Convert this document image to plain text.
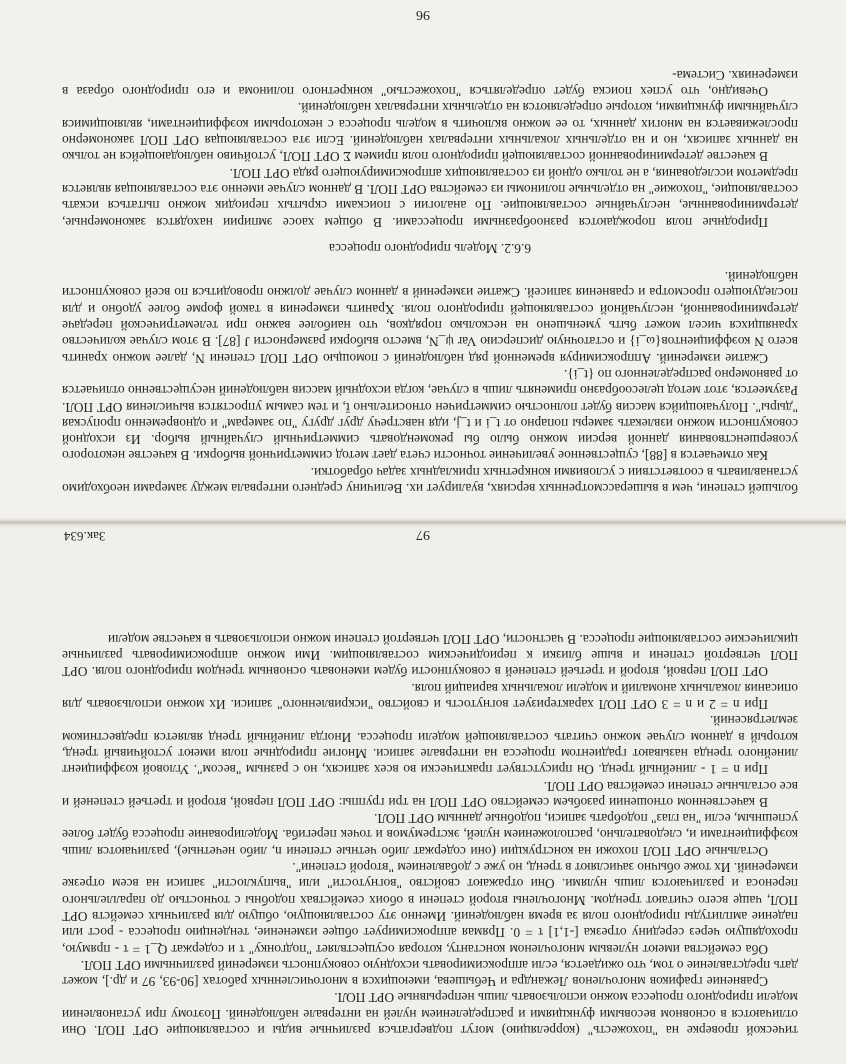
большей степени, чем в вышерассмотренных версиях, вуалирует их. Величину среднего интервала между замерами необходимо устанавливать в соответствии с условиями конкретных прикладных задач обработки.

Как отмечается в [88], существенное увеличение точности счета дает метод симметричной выборки. В качестве некоторого усовершенствования данной версии можно было бы рекомендовать симметричный случайный выбор. Из исходной совокупности можно извлекать замеры попарно от t_i и t_j, идя навстречу друг другу "по замерам" и одновременно пропуская "дыры". Получающийся массив будет полностью симметричен относительно t̄, и тем самым упростятся вычисления ОРТ ПОЛ. Разумеется, этот метод целесообразно применять лишь в случае, когда исходный массив наблюдений несущественно отличается от равномерно распределенного по {t_i}.

Сжатие измерений. Аппроксимируя временной ряд наблюдений с помощью ОРТ ПОЛ степени N, далее можно хранить всего N коэффициентов{ω_i} и остаточную дисперсию Var ψ_N, вместо выборки размерности J [87]. В этом случае количество хранящихся чисел может быть уменьшено на несколько порядков, что наиболее важно при телеметрической передаче детерминированной, неслучайной составляющей природного поля. Хранить измерения в такой форме более удобно и для последующего просмотра и сравнения записей. Сжатие измерений в данном случае должно проводиться по всей совокупности наблюдений.

6.6.2. Модель природного процесса

Природные поля порождаются разнообразными процессами. В общем хаосе эмпирии находятся закономерные, детерминированные, неслучайные составляющие. По аналогии с поисками скрытых периодик можно пытаться искать составляющие, "похожие" на отдельные полиномы из семейства ОРТ ПОЛ. В данном случае именно эта составляющая является предметом исследования, а не только одной из составляющих аппроксимирующего ряда ОРТ ПОЛ.

В качестве детерминированной составляющей природного поля примем Σ ОРТ ПОЛ, устойчиво наблюдающейся не только на данных записях, но и на отдельных локальных интервалах наблюдений. Если эта составляющая ОРТ ПОЛ закономерно прослеживается на многих данных, то ее можно включить в модель процесса с некоторыми коэффициентами, являющимися случайными функциями, которые определяются на отдельных интервалах наблюдений.

Очевидно, что успех поиска будет определяться "похожестью" конкретного полинома и его природного образа в измерениях. Система-

96

тической проверке на "похожесть" (корреляцию) могут подвергаться различные виды и составляющие ОРТ ПОЛ. Они отличаются в основном весовыми функциями и распределением нулей на интервале наблюдений. Поэтому при установлении модели природного процесса можно использовать лишь непрерывные ОРТ ПОЛ.

Сравнение графиков многочленов Лежандра и Чебышева, имеющихся в многочисленных работах [90-93, 97 и др.], может дать представление о том, что ожидается, если аппроксимировать исходную совокупность измерений различными ОРТ ПОЛ.

Оба семейства имеют нулевым многочленом константу, которая осуществляет "подгонку" τ и содержат Q_1 = τ - прямую, проходящую через середину отрезка [-1,1] τ = 0. Прямая аппроксимирует общее изменение, тенденцию процесса - рост или падение амплитуды природного поля за время наблюдений. Именно эту составляющую, общую для различных семейств ОРТ ПОЛ, чаще всего считают трендом. Многочлены второй степени в обоих семействах подобны с точностью до параллельного переноса и различаются лишь нулями. Они отражают свойство "вогнутости" или "выпуклости" записи на всем отрезке измерений. Их тоже обычно зачисляют в тренд, но уже с добавлением "второй степени".

Остальные ОРТ ПОЛ похожи на конструкции (они содержат либо четные степени n, либо нечетные), различаются лишь коэффициентами и, следовательно, расположением нулей, экстремумов и точек перегиба. Моделирование процесса будет более успешным, если "на глаз" подобрать записи, подобные данным ОРТ ПОЛ.

В качественном отношении разобьем семейство ОРТ ПОЛ на три группы: ОРТ ПОЛ первой, второй и третьей степеней и все остальные степени семейства ОРТ ПОЛ.

При n = 1 - линейный тренд. Он присутствует практически во всех записях, но с разным "весом". Угловой коэффициент линейного тренда называют градиентом процесса на интервале записи. Многие природные поля имеют устойчивый тренд, который в данном случае можно считать составляющей модели процесса. Иногда линейный тренд является предвестником землетрясений.

При n = 2 и n = 3 ОРТ ПОЛ характеризует вогнутость и свойство "искривленного" записи. Их можно использовать для описания локальных аномалий и модели локальных вариаций поля.

ОРТ ПОЛ первой, второй и третьей степеней в совокупности будем именовать основным трендом природного поля. ОРТ ПОЛ четвертой степени и выше близки к периодическим составляющим. Ими можно аппроксимировать различные циклические составляющие процесса. В частности, ОРТ ПОЛ четвертой степени можно использовать в качестве модели

97
Зак.634
